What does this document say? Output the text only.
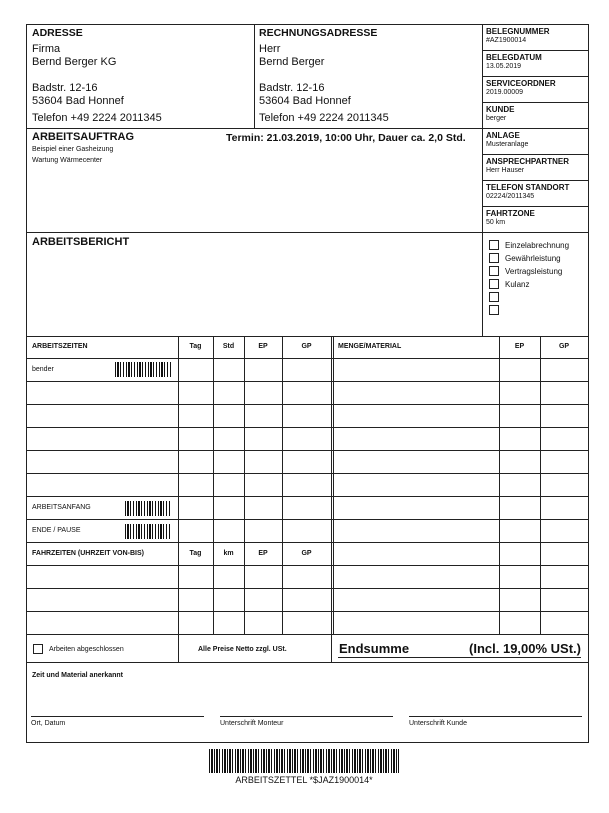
ADRESSE
Firma
Bernd Berger KG
Badstr. 12-16
53604 Bad Honnef
Telefon +49 2224 2011345
RECHNUNGSADRESSE
Herr
Bernd Berger
Badstr. 12-16
53604 Bad Honnef
Telefon +49 2224 2011345
BELEGNUMMER
#AZ1900014
BELEGDATUM
13.05.2019
SERVICEORDNER
2019.00009
KUNDE
berger
ANLAGE
Musteranlage
ANSPRECHPARTNER
Herr Hauser
TELEFON STANDORT
02224/2011345
FAHRTZONE
50 km
ARBEITSAUFTRAG	Termin: 21.03.2019, 10:00 Uhr, Dauer ca. 2,0 Std.
Beispiel einer Gasheizung
Wartung Wärmecenter
ARBEITSBERICHT	Einzelabrechnung
Gewährleistung
Vertragsleistung
Kulanz
ARBEITSZEITEN	Tag	Std	EP	GP	MENGE/MATERIAL	EP	GP
bender
ARBEITSANFANG
ENDE / PAUSE
FAHRZEITEN (UHRZEIT VON-BIS)	Tag	km	EP	GP
Arbeiten abgeschlossen	Alle Preise Netto zzgl. USt.	Endsumme	(Incl. 19,00% USt.)
Zeit und Material anerkannt
Ort, Datum	Unterschrift Monteur	Unterschrift Kunde
ARBEITSZETTEL *$JAZ1900014*
